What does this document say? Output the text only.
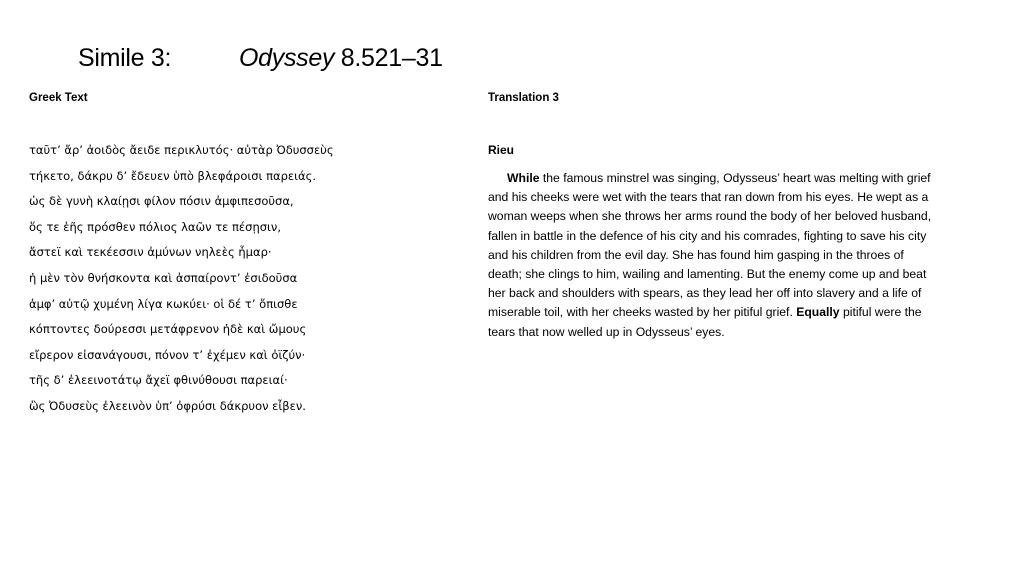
Simile 3:	Odyssey 8.521–31
Greek Text	Translation 3
ταῦτ’ ἄρ’ ἀοιδὸς ἄειδε περικλυτός· αὐτὰρ Ὀδυσσεὺς
τήκετο, δάκρυ δ’ ἔδευεν ὑπὸ βλεφάροισι παρειάς.
ὡς δὲ γυνὴ κλαίῃσι φίλον πόσιν ἀμφιπεσοῦσα,
ὅς τε ἑῆς πρόσθεν πόλιος λαῶν τε πέσῃσιν,
ἄστεϊ καὶ τεκέεσσιν ἀμύνων νηλεὲς ἦμαρ·
ἡ μὲν τὸν θνήσκοντα καὶ ἀσπαίροντ’ ἐσιδοῦσα
ἀμφ’ αὐτῷ χυμένη λίγα κωκύει· οἱ δέ τ’ ὄπισθε
κόπτοντες δούρεσσι μετάφρενον ἠδὲ καὶ ὤμους
εἴρερον εἰσανάγουσι, πόνον τ’ ἐχέμεν καὶ ὀϊζύν·
τῆς δ’ ἐλεεινοτάτῳ ἄχεϊ φθινύθουσι παρειαί·
ὣς Ὀδυσεὺς ἐλεεινὸν ὑπ’ ὀφρύσι δάκρυον εἶβεν.
Rieu

While the famous minstrel was singing, Odysseus’ heart was melting with grief and his cheeks were wet with the tears that ran down from his eyes. He wept as a woman weeps when she throws her arms round the body of her beloved husband, fallen in battle in the defence of his city and his comrades, fighting to save his city and his children from the evil day. She has found him gasping in the throes of death; she clings to him, wailing and lamenting. But the enemy come up and beat her back and shoulders with spears, as they lead her off into slavery and a life of miserable toil, with her cheeks wasted by her pitiful grief. Equally pitiful were the tears that now welled up in Odysseus’ eyes.
